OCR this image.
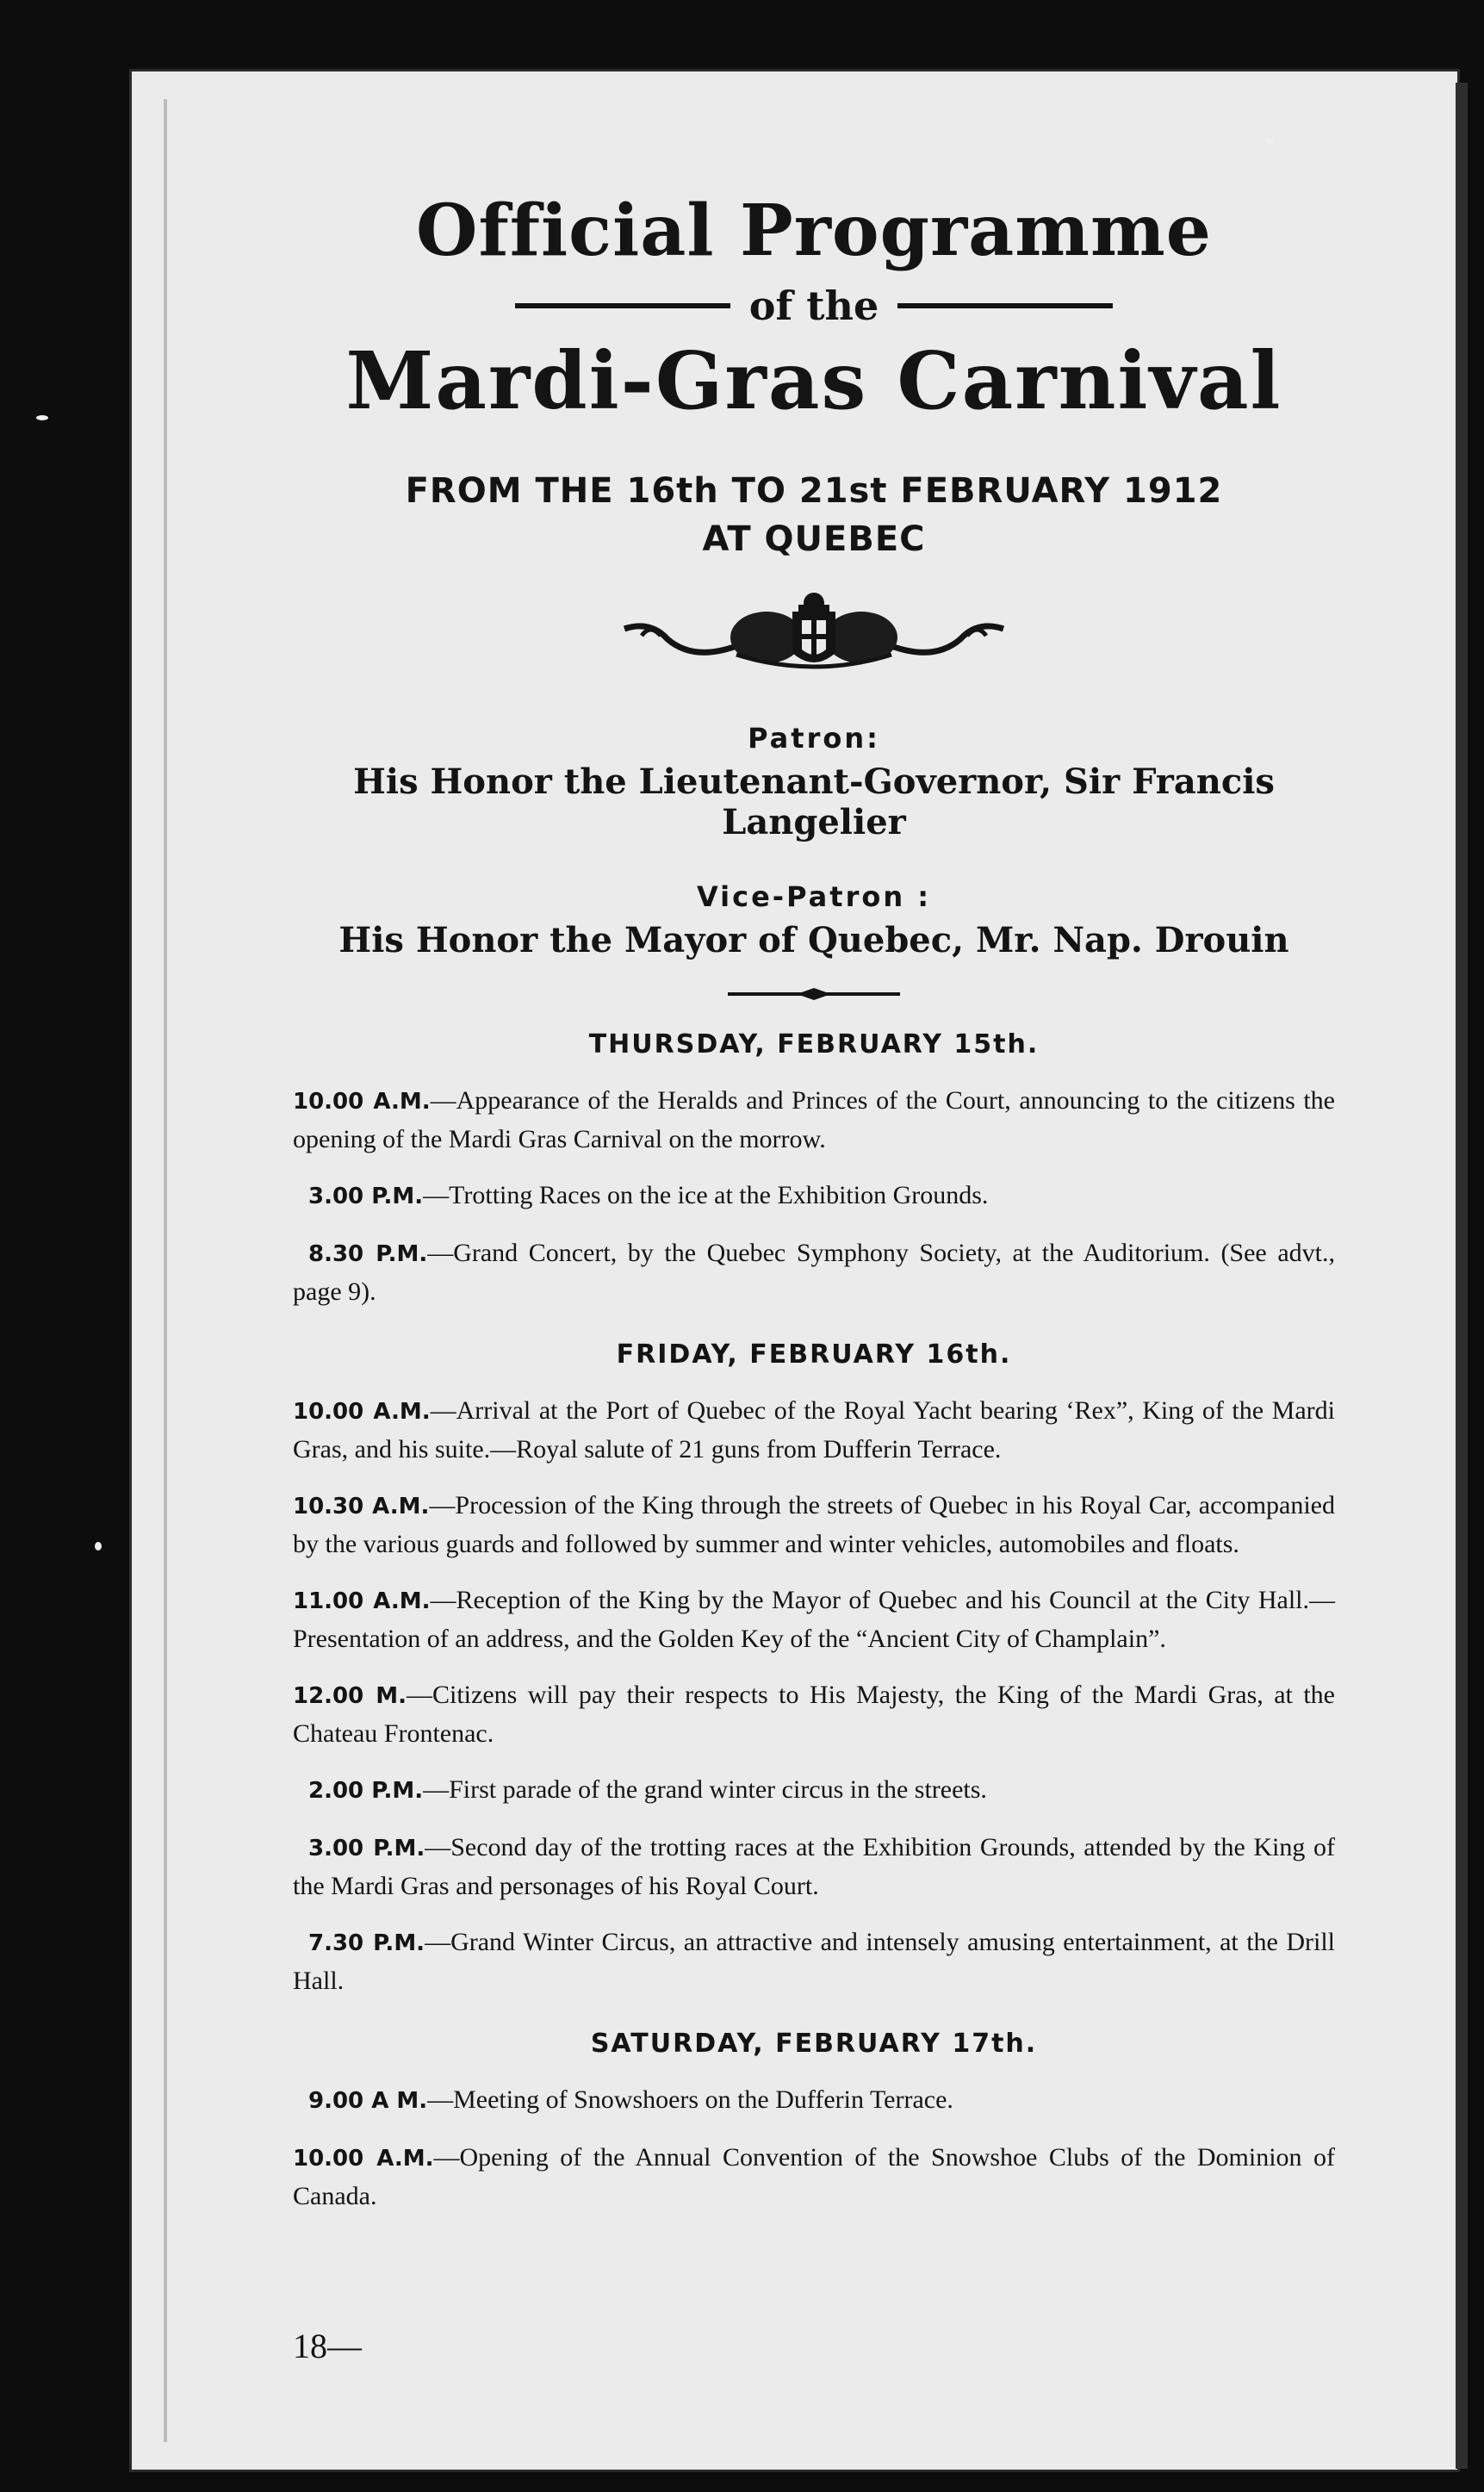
Official Programme
of the
Mardi-Gras Carnival
FROM THE 16th TO 21st FEBRUARY 1912
AT QUEBEC
Patron:
His Honor the Lieutenant-Governor, Sir Francis Langelier
Vice-Patron :
His Honor the Mayor of Quebec, Mr. Nap. Drouin
THURSDAY, FEBRUARY 15th.

10.00 A.M.—Appearance of the Heralds and Princes of the Court, announcing to the citizens the opening of the Mardi Gras Carnival on the morrow.

3.00 P.M.—Trotting Races on the ice at the Exhibition Grounds.

8.30 P.M.—Grand Concert, by the Quebec Symphony Society, at the Auditorium. (See advt., page 9).

FRIDAY, FEBRUARY 16th.

10.00 A.M.—Arrival at the Port of Quebec of the Royal Yacht bearing ‘Rex”, King of the Mardi Gras, and his suite.—Royal salute of 21 guns from Dufferin Terrace.

10.30 A.M.—Procession of the King through the streets of Quebec in his Royal Car, accompanied by the various guards and followed by summer and winter vehicles, automobiles and floats.

11.00 A.M.—Reception of the King by the Mayor of Quebec and his Council at the City Hall.—Presentation of an address, and the Golden Key of the “Ancient City of Champlain”.

12.00 M.—Citizens will pay their respects to His Majesty, the King of the Mardi Gras, at the Chateau Frontenac.

2.00 P.M.—First parade of the grand winter circus in the streets.

3.00 P.M.—Second day of the trotting races at the Exhibition Grounds, attended by the King of the Mardi Gras and personages of his Royal Court.

7.30 P.M.—Grand Winter Circus, an attractive and intensely amusing entertainment, at the Drill Hall.

SATURDAY, FEBRUARY 17th.

9.00 A M.—Meeting of Snowshoers on the Dufferin Terrace.

10.00 A.M.—Opening of the Annual Convention of the Snowshoe Clubs of the Dominion of Canada.

18—
